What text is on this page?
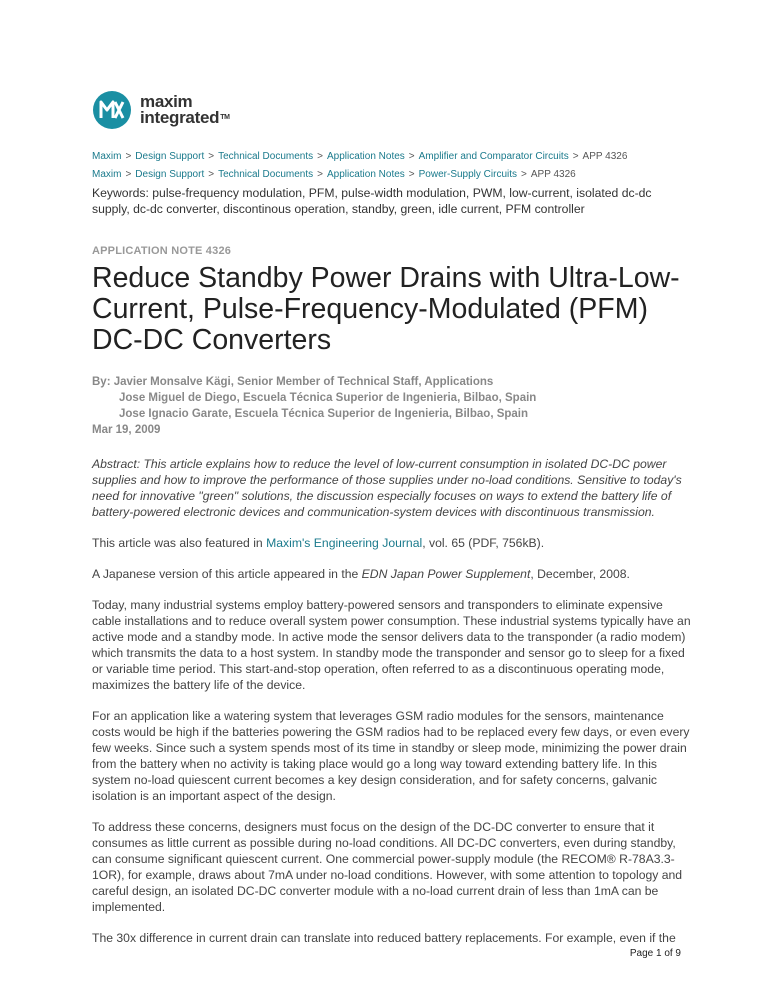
maxim
integratedTM
Maxim > Design Support > Technical Documents > Application Notes > Amplifier and Comparator Circuits > APP 4326
Maxim > Design Support > Technical Documents > Application Notes > Power-Supply Circuits > APP 4326

Keywords: pulse-frequency modulation, PFM, pulse-width modulation, PWM, low-current, isolated dc-dc supply, dc-dc converter, discontinous operation, standby, green, idle current, PFM controller

APPLICATION NOTE 4326
Reduce Standby Power Drains with Ultra-Low-Current, Pulse-Frequency-Modulated (PFM) DC-DC Converters
By: Javier Monsalve Kägi, Senior Member of Technical Staff, Applications
Jose Miguel de Diego, Escuela Técnica Superior de Ingenieria, Bilbao, Spain
Jose Ignacio Garate, Escuela Técnica Superior de Ingenieria, Bilbao, Spain
Mar 19, 2009

Abstract: This article explains how to reduce the level of low-current consumption in isolated DC-DC power supplies and how to improve the performance of those supplies under no-load conditions. Sensitive to today's need for innovative "green" solutions, the discussion especially focuses on ways to extend the battery life of battery-powered electronic devices and communication-system devices with discontinuous transmission.

This article was also featured in Maxim's Engineering Journal, vol. 65 (PDF, 756kB).

A Japanese version of this article appeared in the EDN Japan Power Supplement, December, 2008.

Today, many industrial systems employ battery-powered sensors and transponders to eliminate expensive cable installations and to reduce overall system power consumption. These industrial systems typically have an active mode and a standby mode. In active mode the sensor delivers data to the transponder (a radio modem) which transmits the data to a host system. In standby mode the transponder and sensor go to sleep for a fixed or variable time period. This start-and-stop operation, often referred to as a discontinuous operating mode, maximizes the battery life of the device.

For an application like a watering system that leverages GSM radio modules for the sensors, maintenance costs would be high if the batteries powering the GSM radios had to be replaced every few days, or even every few weeks. Since such a system spends most of its time in standby or sleep mode, minimizing the power drain from the battery when no activity is taking place would go a long way toward extending battery life. In this system no-load quiescent current becomes a key design consideration, and for safety concerns, galvanic isolation is an important aspect of the design.

To address these concerns, designers must focus on the design of the DC-DC converter to ensure that it consumes as little current as possible during no-load conditions. All DC-DC converters, even during standby, can consume significant quiescent current. One commercial power-supply module (the RECOM® R-78A3.3-1OR), for example, draws about 7mA under no-load conditions. However, with some attention to topology and careful design, an isolated DC-DC converter module with a no-load current drain of less than 1mA can be implemented.

The 30x difference in current drain can translate into reduced battery replacements. For example, even if the

Page 1 of 9
